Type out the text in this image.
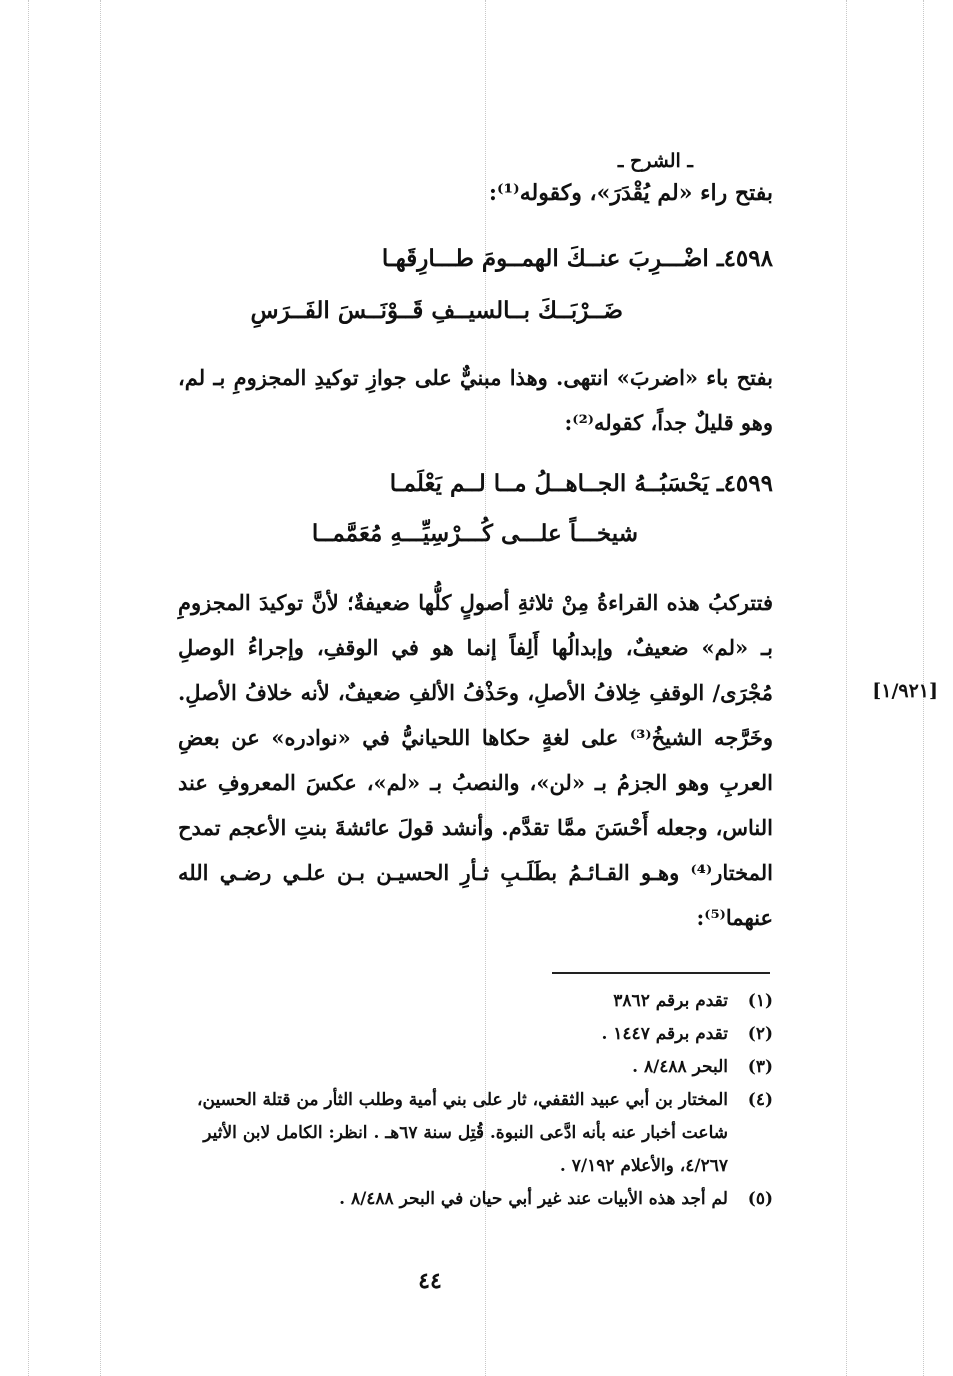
ـ الشرح ـ
بفتح راء «لم يُقْدَرَ»، وكقوله⁽¹⁾:
٤٥٩٨ـ اضْـــرِبَ عنــكَ الهمــومَ طـــارِقَهـا
ضَــرْبَــكَ بــالسيــفِ قَــوْنَــسَ الفَــرَسِ
بفتح باء «اضربَ» انتهى. وهذا مبنيٌّ على جوازِ توكيدِ المجزومِ بـ لم، وهو قليلٌ جداً، كقوله⁽²⁾:
٤٥٩٩ـ يَحْسَبُــهُ الجــاهــلُ مــا لــم يَعْلَمـا
شيخـــاً علـــى كُـــرْسِيِّـــهِ مُعَمَّمــا
فتتركبُ هذه القراءةُ مِنْ ثلاثةِ أصولٍ كلُّها ضعيفةٌ؛ لأنَّ توكيدَ المجزومِ بـ «لم» ضعيفٌ، وإبدالُها أَلِفاً إنما هو في الوقفِ، وإجراءُ الوصلِ مُجْرَى/ الوقفِ خِلافُ الأصلِ، وحَذْفُ الألفِ ضعيفٌ، لأنه خلافُ الأصلِ. وخَرَّجه الشيخُ⁽³⁾ على لغةٍ حكاها اللحيانيُّ في «نوادره» عن بعضِ العربِ وهو الجزمُ بـ «لن»، والنصبُ بـ «لم»، عكسَ المعروفِ عند الناس، وجعله أَحْسَنَ ممَّا تقدَّم. وأنشد قولَ عائشةَ بنتِ الأعجم تمدح المختار⁽⁴⁾ وهـو القـائـمُ بطَلَـبِ ثـأرِ الحسيـن بـن علـي رضـي الله عنهما⁽⁵⁾:
[١/٩٢١]
(١)
تقدم برقم ٣٨٦٢
(٢)
تقدم برقم ١٤٤٧ .
(٣)
البحر ٨/٤٨٨ .
(٤)
المختار بن أبي عبيد الثقفي، ثار على بني أمية وطلب الثأر من قتلة الحسين، شاعت أخبار عنه بأنه ادَّعى النبوة. قُتِل سنة ٦٧هـ . انظر: الكامل لابن الأثير ٤/٢٦٧، والأعلام ٧/١٩٢ .
(٥)
لم أجد هذه الأبيات عند غير أبي حيان في البحر ٨/٤٨٨ .
٤٤
